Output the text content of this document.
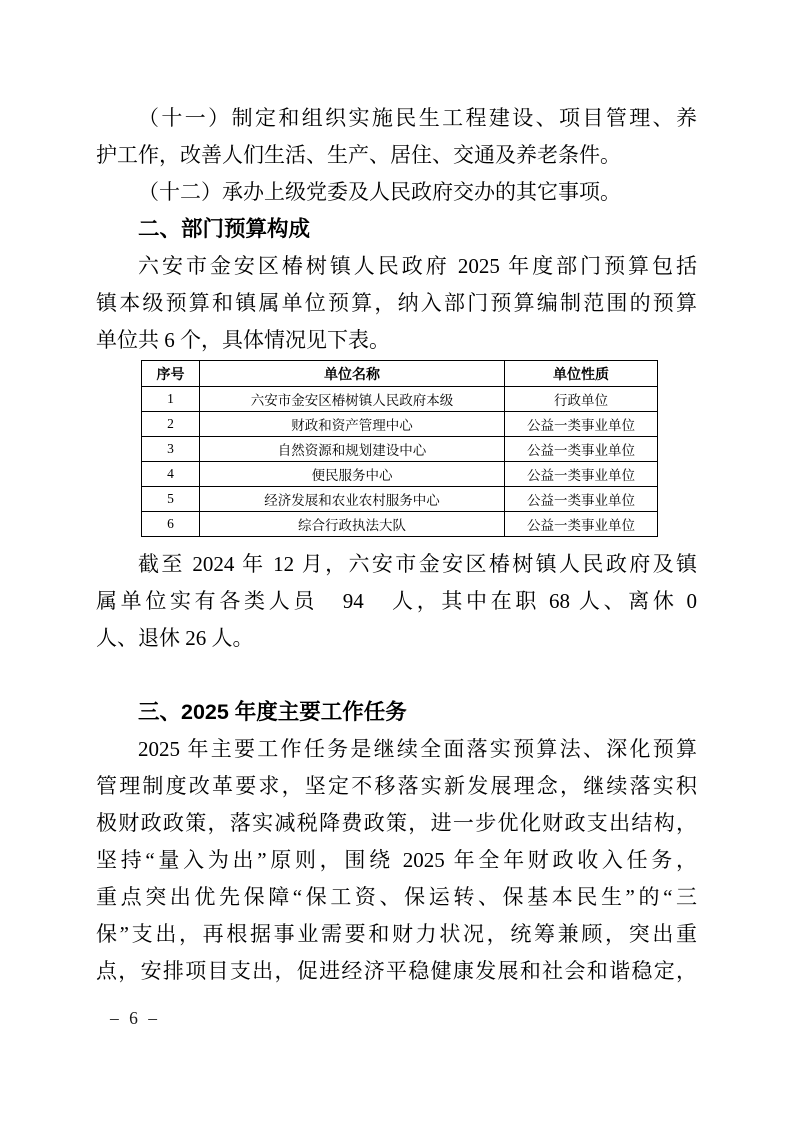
（十一）制定和组织实施民生工程建设、项目管理、养
护工作，改善人们生活、生产、居住、交通及养老条件。
（十二）承办上级党委及人民政府交办的其它事项。
二、部门预算构成
六安市金安区椿树镇人民政府 2025 年度部门预算包括
镇本级预算和镇属单位预算，纳入部门预算编制范围的预算
单位共 6 个，具体情况见下表。
序号	单位名称	单位性质
1	六安市金安区椿树镇人民政府本级	行政单位
2	财政和资产管理中心	公益一类事业单位
3	自然资源和规划建设中心	公益一类事业单位
4	便民服务中心	公益一类事业单位
5	经济发展和农业农村服务中心	公益一类事业单位
6	综合行政执法大队	公益一类事业单位
截至 2024 年 12 月，六安市金安区椿树镇人民政府及镇
属单位实有各类人员　94　人，其中在职 68 人、离休 0
人、退休 26 人。
三、2025 年度主要工作任务
2025 年主要工作任务是继续全面落实预算法、深化预算
管理制度改革要求，坚定不移落实新发展理念，继续落实积
极财政政策，落实减税降费政策，进一步优化财政支出结构，
坚持“量入为出”原则，围绕 2025 年全年财政收入任务，
重点突出优先保障“保工资、保运转、保基本民生”的“三
保”支出，再根据事业需要和财力状况，统筹兼顾，突出重
点，安排项目支出，促进经济平稳健康发展和社会和谐稳定，
– 6 –
